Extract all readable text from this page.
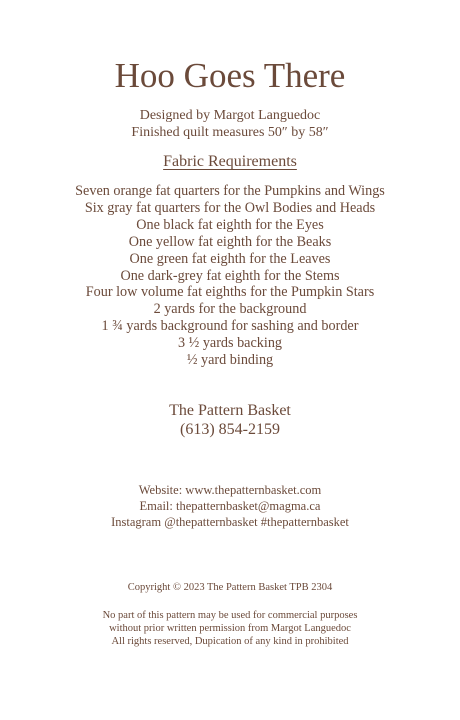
Hoo Goes There
Designed by Margot Languedoc
Finished quilt measures 50″ by 58″
Fabric Requirements
Seven orange fat quarters for the Pumpkins and Wings
Six gray fat quarters for the Owl Bodies and Heads
One black fat eighth for the Eyes
One yellow fat eighth for the Beaks
One green fat eighth for the Leaves
One dark-grey fat eighth for the Stems
Four low volume fat eighths for the Pumpkin Stars
2 yards for the background
1 ¾ yards background for sashing and border
3 ½ yards backing
½ yard binding
The Pattern Basket
(613) 854-2159
Website: www.thepatternbasket.com
Email: thepatternbasket@magma.ca
Instagram @thepatternbasket #thepatternbasket
Copyright © 2023 The Pattern Basket TPB 2304
No part of this pattern may be used for commercial purposes
without prior written permission from Margot Languedoc
All rights reserved, Dupication of any kind in prohibited
